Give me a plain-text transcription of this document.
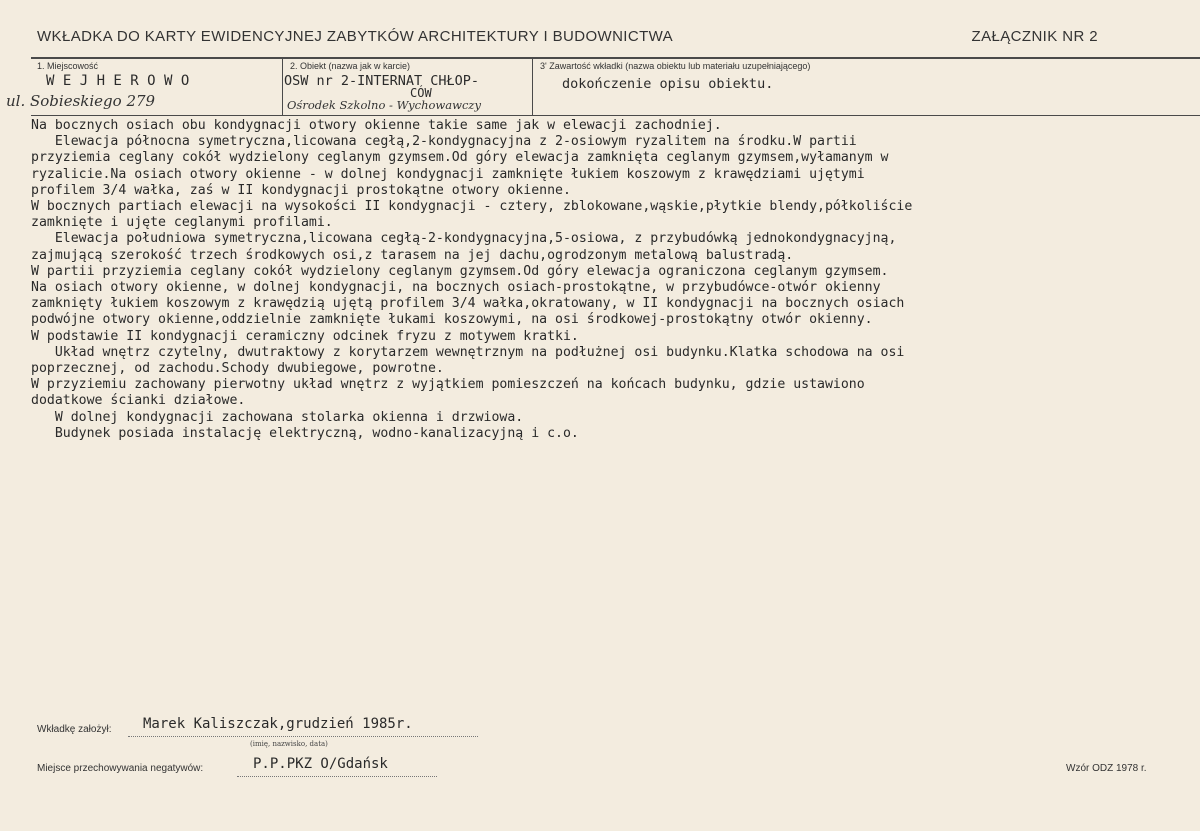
WKŁADKA DO KARTY EWIDENCYJNEJ ZABYTKÓW ARCHITEKTURY I BUDOWNICTWA	ZAŁĄCZNIK NR 2
1. Miejscowość
W E J H E R O W O
ul. Sobieskiego 279
2. Obiekt (nazwa jak w karcie)
OSW nr 2-INTERNAT CHŁOP-
CÓW
Ośrodek Szkolno - Wychowawczy
3' Zawartość wkładki (nazwa obiektu lub materiału uzupełniającego)
dokończenie opisu obiektu.
Na bocznych osiach obu kondygnacji otwory okienne takie same jak w elewacji zachodniej.
Elewacja północna symetryczna,licowana cegłą,2-kondygnacyjna z 2-osiowym ryzalitem na środku.W partii
przyziemia ceglany cokół wydzielony ceglanym gzymsem.Od góry elewacja zamknięta ceglanym gzymsem,wyłamanym w
ryzalicie.Na osiach otwory okienne - w dolnej kondygnacji zamknięte łukiem koszowym z krawędziami ujętymi
profilem 3/4 wałka, zaś w II kondygnacji prostokątne otwory okienne.
W bocznych partiach elewacji na wysokości II kondygnacji - cztery, zblokowane,wąskie,płytkie blendy,półkoliście
zamknięte i ujęte ceglanymi profilami.
Elewacja południowa symetryczna,licowana cegłą-2-kondygnacyjna,5-osiowa, z przybudówką jednokondygnacyjną,
zajmującą szerokość trzech środkowych osi,z tarasem na jej dachu,ogrodzonym metalową balustradą.
W partii przyziemia ceglany cokół wydzielony ceglanym gzymsem.Od góry elewacja ograniczona ceglanym gzymsem.
Na osiach otwory okienne, w dolnej kondygnacji, na bocznych osiach-prostokątne, w przybudówce-otwór okienny
zamknięty łukiem koszowym z krawędzią ujętą profilem 3/4 wałka,okratowany, w II kondygnacji na bocznych osiach
podwójne otwory okienne,oddzielnie zamknięte łukami koszowymi, na osi środkowej-prostokątny otwór okienny.
W podstawie II kondygnacji ceramiczny odcinek fryzu z motywem kratki.
Układ wnętrz czytelny, dwutraktowy z korytarzem wewnętrznym na podłużnej osi budynku.Klatka schodowa na osi
poprzecznej, od zachodu.Schody dwubiegowe, powrotne.
W przyziemiu zachowany pierwotny układ wnętrz z wyjątkiem pomieszczeń na końcach budynku, gdzie ustawiono
dodatkowe ścianki działowe.
W dolnej kondygnacji zachowana stolarka okienna i drzwiowa.
Budynek posiada instalację elektryczną, wodno-kanalizacyjną i c.o.
Wkładkę założył: Marek Kaliszczak,grudzień 1985r.
(imię, nazwisko, data)
Miejsce przechowywania negatywów:	P.P.PKZ O/Gdańsk	Wzór ODZ 1978 r.
